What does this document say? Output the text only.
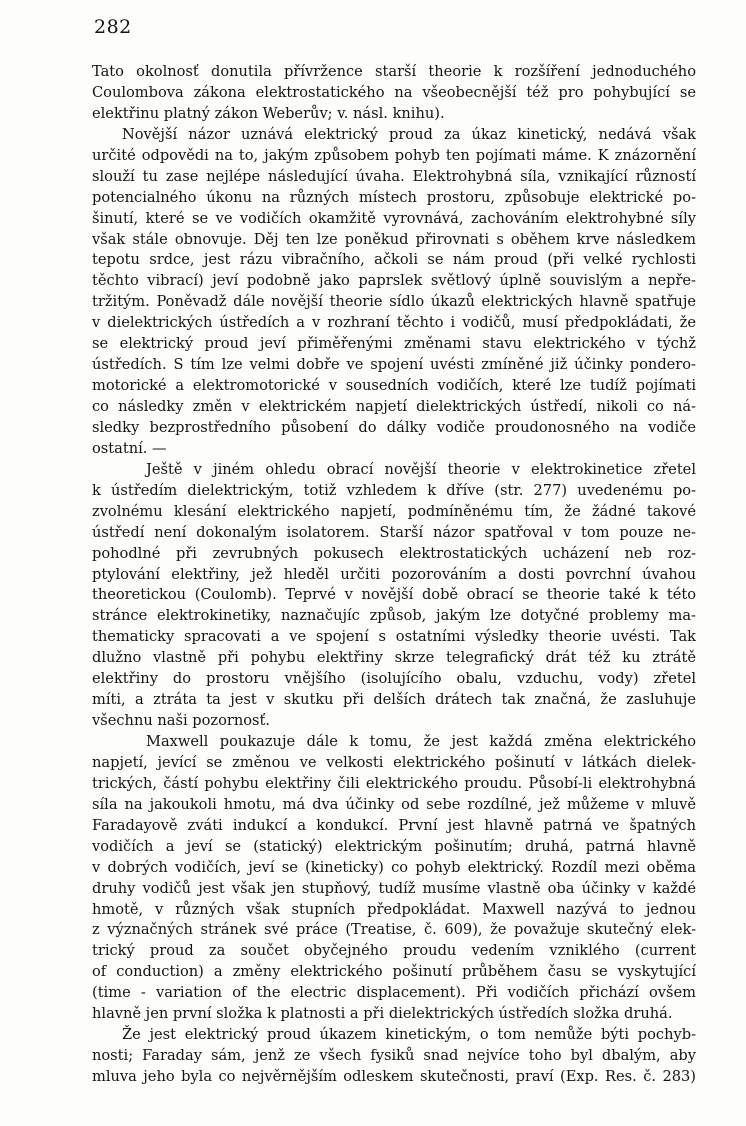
282
Tato okolnosť donutila přívržence starší theorie k rozšíření jednoduchého
Coulombova zákona elektrostatického na všeobecnější též pro pohybující se
elektřinu platný zákon Weberův; v. násl. knihu).
Novější názor uznává elektrický proud za úkaz kinetický, nedává však
určité odpovědi na to, jakým způsobem pohyb ten pojímati máme. K znázornění
slouží tu zase nejlépe následující úvaha. Elektrohybná síla, vznikající růzností
potencialného úkonu na různých místech prostoru, způsobuje elektrické po-
šinutí, které se ve vodičích okamžitě vyrovnává, zachováním elektrohybné síly
však stále obnovuje. Děj ten lze poněkud přirovnati s oběhem krve následkem
tepotu srdce, jest rázu vibračního, ačkoli se nám proud (při velké rychlosti
těchto vibrací) jeví podobně jako paprslek světlový úplně souvislým a nepře-
tržitým. Poněvadž dále novější theorie sídlo úkazů elektrických hlavně spatřuje
v dielektrických ústředích a v rozhraní těchto i vodičů, musí předpokládati, že
se elektrický proud jeví přiměřenými změnami stavu elektrického v týchž
ústředích. S tím lze velmi dobře ve spojení uvésti zmíněné již účinky pondero-
motorické a elektromotorické v sousedních vodičích, které lze tudíž pojímati
co následky změn v elektrickém napjetí dielektrických ústředí, nikoli co ná-
sledky bezprostředního působení do dálky vodiče proudonosného na vodiče
ostatní. —
Ještě v jiném ohledu obrací novější theorie v elektrokinetice zřetel
k ústředím dielektrickým, totiž vzhledem k dříve (str. 277) uvedenému po-
zvolnému klesání elektrického napjetí, podmíněnému tím, že žádné takové
ústředí není dokonalým isolatorem. Starší názor spatřoval v tom pouze ne-
pohodlné při zevrubných pokusech elektrostatických ucházení neb roz-
ptylování elektřiny, jež hleděl určiti pozorováním a dosti povrchní úvahou
theoretickou (Coulomb). Teprvé v novější době obrací se theorie také k této
stránce elektrokinetiky, naznačujíc způsob, jakým lze dotyčné problemy ma-
thematicky spracovati a ve spojení s ostatními výsledky theorie uvésti. Tak
dlužno vlastně při pohybu elektřiny skrze telegrafický drát též ku ztrátě
elektřiny do prostoru vnějšího (isolujícího obalu, vzduchu, vody) zřetel
míti, a ztráta ta jest v skutku při delších drátech tak značná, že zasluhuje
všechnu naši pozornosť.
Maxwell poukazuje dále k tomu, že jest každá změna elektrického
napjetí, jevící se změnou ve velkosti elektrického pošinutí v látkách dielek-
trických, částí pohybu elektřiny čili elektrického proudu. Působí-li elektrohybná
síla na jakoukoli hmotu, má dva účinky od sebe rozdílné, jež můžeme v mluvě
Faradayově zváti indukcí a kondukcí. První jest hlavně patrná ve špatných
vodičích a jeví se (statický) elektrickým pošinutím; druhá, patrná hlavně
v dobrých vodičích, jeví se (kineticky) co pohyb elektrický. Rozdíl mezi oběma
druhy vodičů jest však jen stupňový, tudíž musíme vlastně oba účinky v každé
hmotě, v různých však stupních předpokládat. Maxwell nazývá to jednou
z význačných stránek své práce (Treatise, č. 609), že považuje skutečný elek-
trický proud za součet obyčejného proudu vedením vzniklého (current
of conduction) a změny elektrického pošinutí průběhem času se vyskytující
(time - variation of the electric displacement). Při vodičích přichází ovšem
hlavně jen první složka k platnosti a při dielektrických ústředích složka druhá.
Že jest elektrický proud úkazem kinetickým, o tom nemůže býti pochyb-
nosti; Faraday sám, jenž ze všech fysiků snad nejvíce toho byl dbalým, aby
mluva jeho byla co nejvěrnějším odleskem skutečnosti, praví (Exp. Res. č. 283)
